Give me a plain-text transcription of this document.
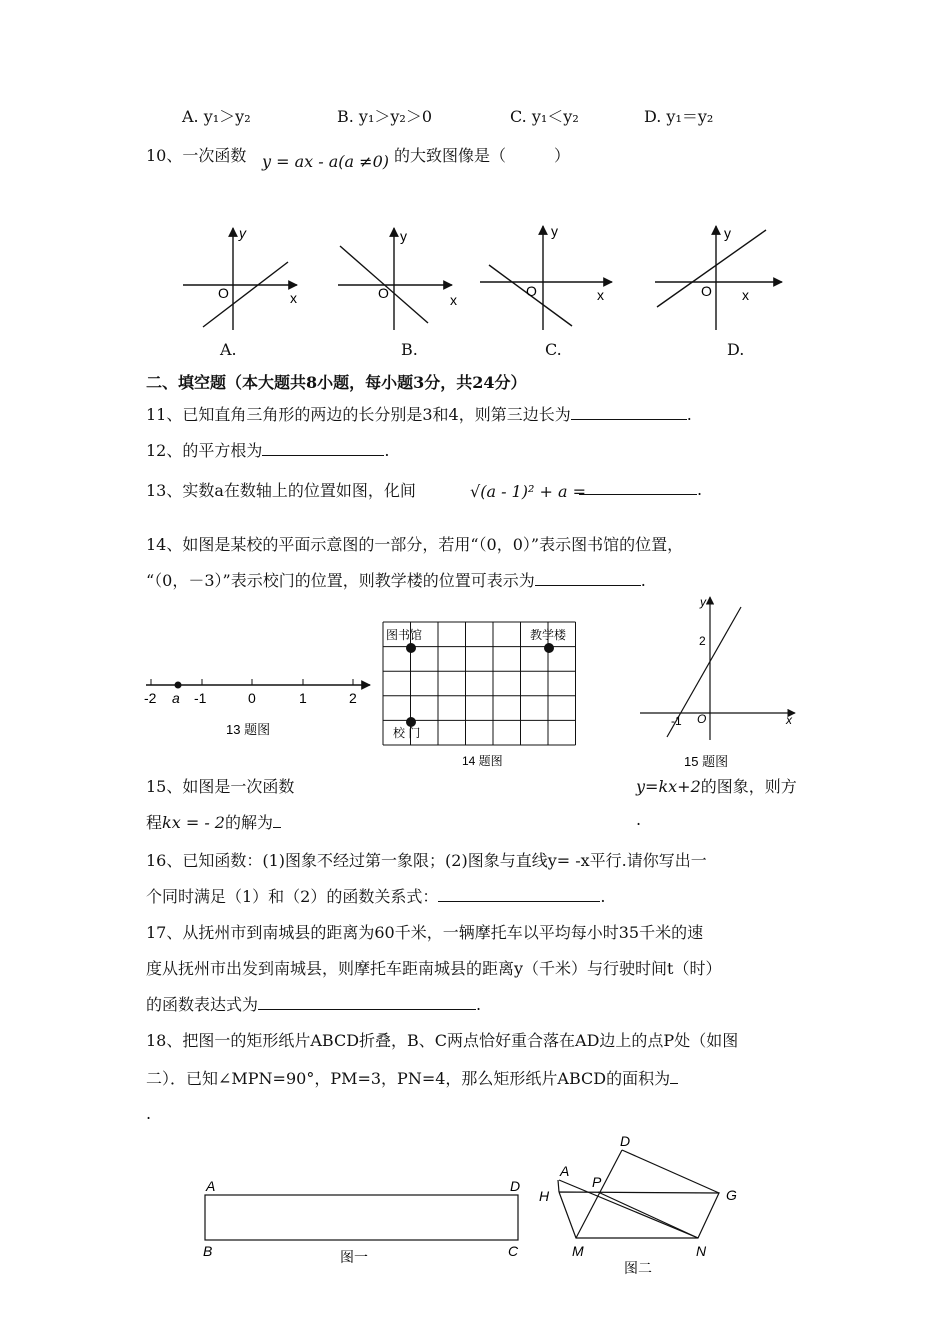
A. y₁＞y₂	B. y₁＞y₂＞0	C. y₁＜y₂	D. y₁＝y₂
10、一次函数 y = ax - a(a ≠0) 的大致图像是（　　　）
y
O	x
y
O	x
y
O	x
y
O x
A.	B.	C.	D.
二、填空题（本大题共8小题，每小题3分，共24分）
11、已知直角三角形的两边的长分别是3和4，则第三边长为	.
12、的平方根为	.
13、实数a在数轴上的位置如图，化间	√(a - 1)² + a =	.
14、如图是某校的平面示意图的一部分，若用“（0，0）”表示图书馆的位置，
“（0，－3）”表示校门的位置，则教学楼的位置可表示为	.
-2 a -1	0	1	2
13 题图
图书馆	教学楼
校 门
14 题图
y
2
-1 O	x
15 题图
15、如图是一次函数	y=kx+2的图象，则方
程kx = - 2的解为	.
16、已知函数：(1)图象不经过第一象限；(2)图象与直线y= -x平行.请你写出一
个同时满足（1）和（2）的函数关系式：	.
17、从抚州市到南城县的距离为60千米，一辆摩托车以平均每小时35千米的速
度从抚州市出发到南城县，则摩托车距南城县的距离y（千米）与行驶时间t（时）
的函数表达式为	.
18、把图一的矩形纸片ABCD折叠，B、C两点恰好重合落在AD边上的点P处（如图
二）．已知∠MPN=90°，PM=3，PN=4，那么矩形纸片ABCD的面积为
.
A	D
B	C
图一
A
D
H
P
G
M	N
图二
